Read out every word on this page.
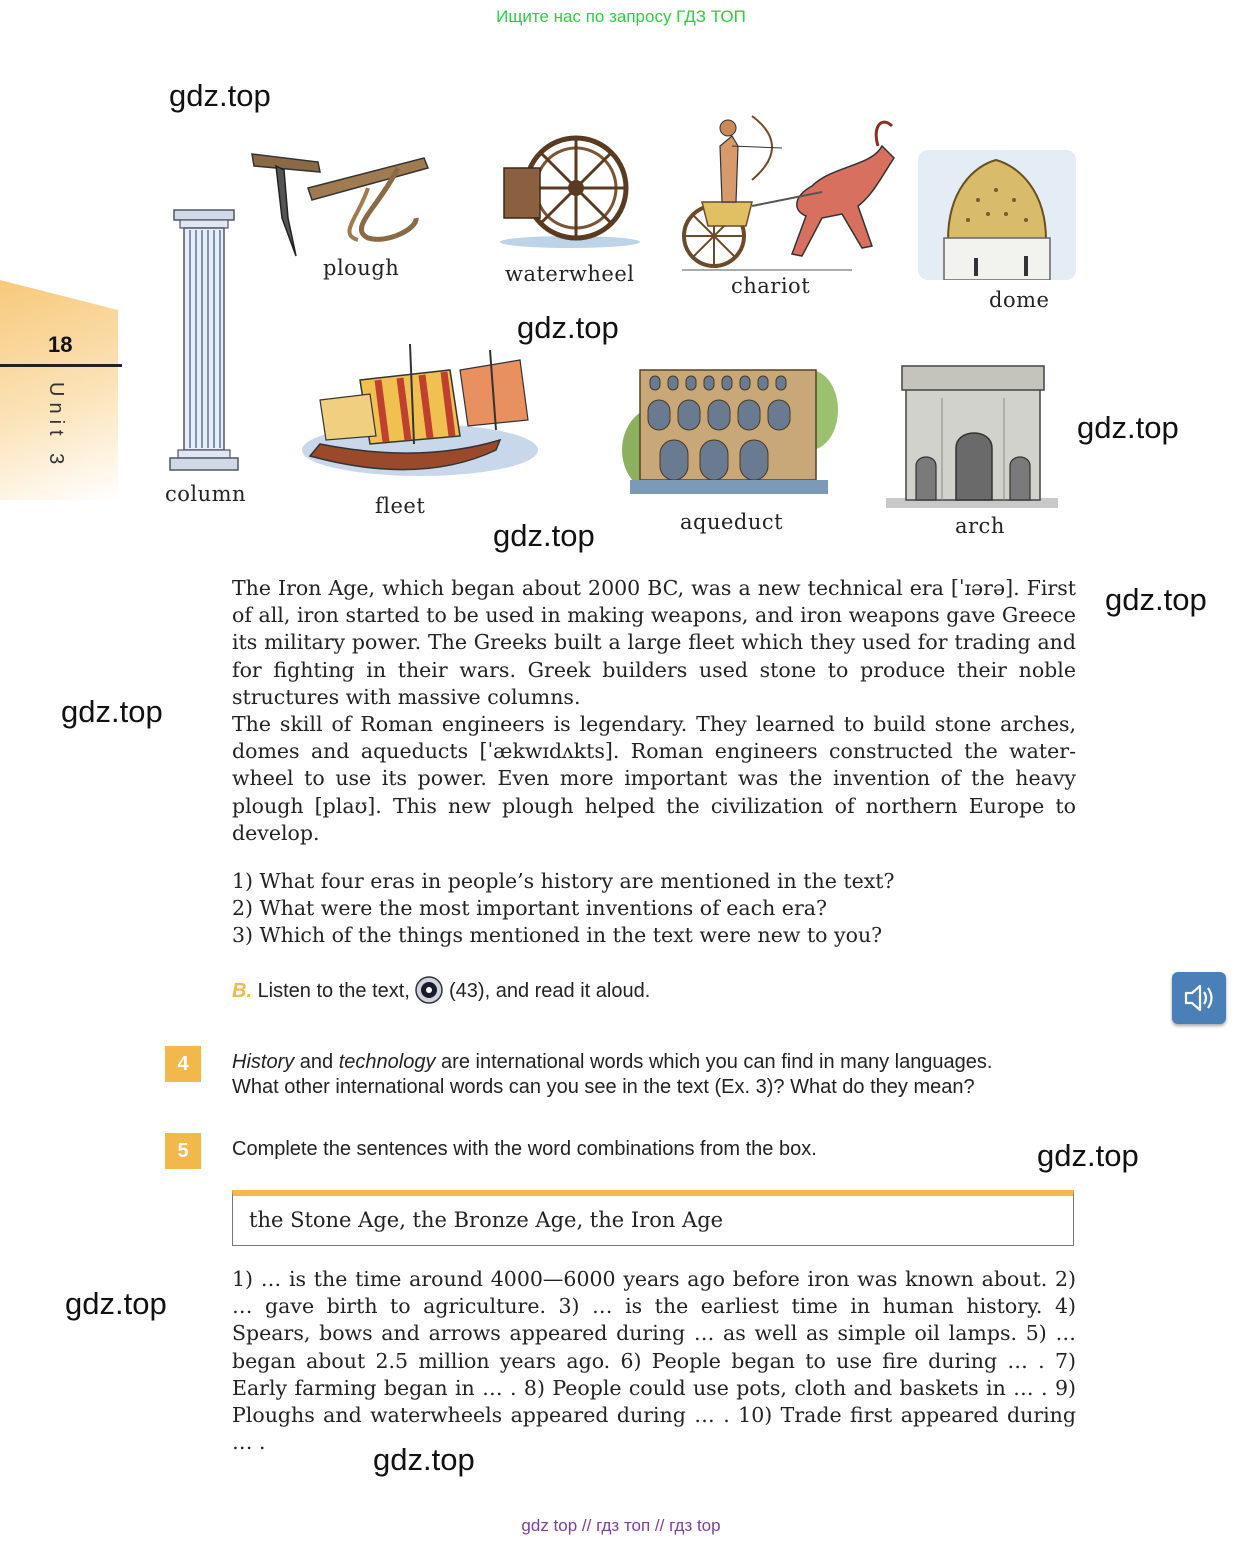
Ищите нас по запросу ГДЗ ТОП
18
Unit 3
gdz.top
gdz.top
gdz.top
gdz.top
gdz.top
gdz.top
gdz.top
gdz.top
gdz.top
plough	waterwheel	chariot
dome
column	fleet
aqueduct	arch
The Iron Age, which began about 2000 BC, was a new technical era [ˈɪərə]. First of all, iron started to be used in making weapons, and iron weapons gave Greece its military power. The Greeks built a large fleet which they used for trading and for fighting in their wars. Greek builders used stone to produce their noble structures with massive columns.
The skill of Roman engineers is legendary. They learned to build stone arches, domes and aqueducts [ˈækwɪdʌkts]. Roman engineers constructed the water-wheel to use its power. Even more important was the invention of the heavy plough [plaʊ]. This new plough helped the civilization of northern Europe to develop.
1) What four eras in people’s history are mentioned in the text?
2) What were the most important inventions of each era?
3) Which of the things mentioned in the text were new to you?
B. Listen to the text, (43), and read it aloud.
4	History and technology are international words which you can find in many languages.
What other international words can you see in the text (Ex. 3)? What do they mean?
5	Complete the sentences with the word combinations from the box.
the Stone Age, the Bronze Age, the Iron Age
1) … is the time around 4000—6000 years ago before iron was known about. 2) … gave birth to agriculture. 3) … is the earliest time in human history. 4) Spears, bows and arrows appeared during … as well as simple oil lamps. 5) … began about 2.5 million years ago. 6) People began to use fire during … . 7) Early farming began in … . 8) People could use pots, cloth and baskets in … . 9) Ploughs and waterwheels appeared during … . 10) Trade first appeared during … .
gdz top // гдз топ // гдз top
